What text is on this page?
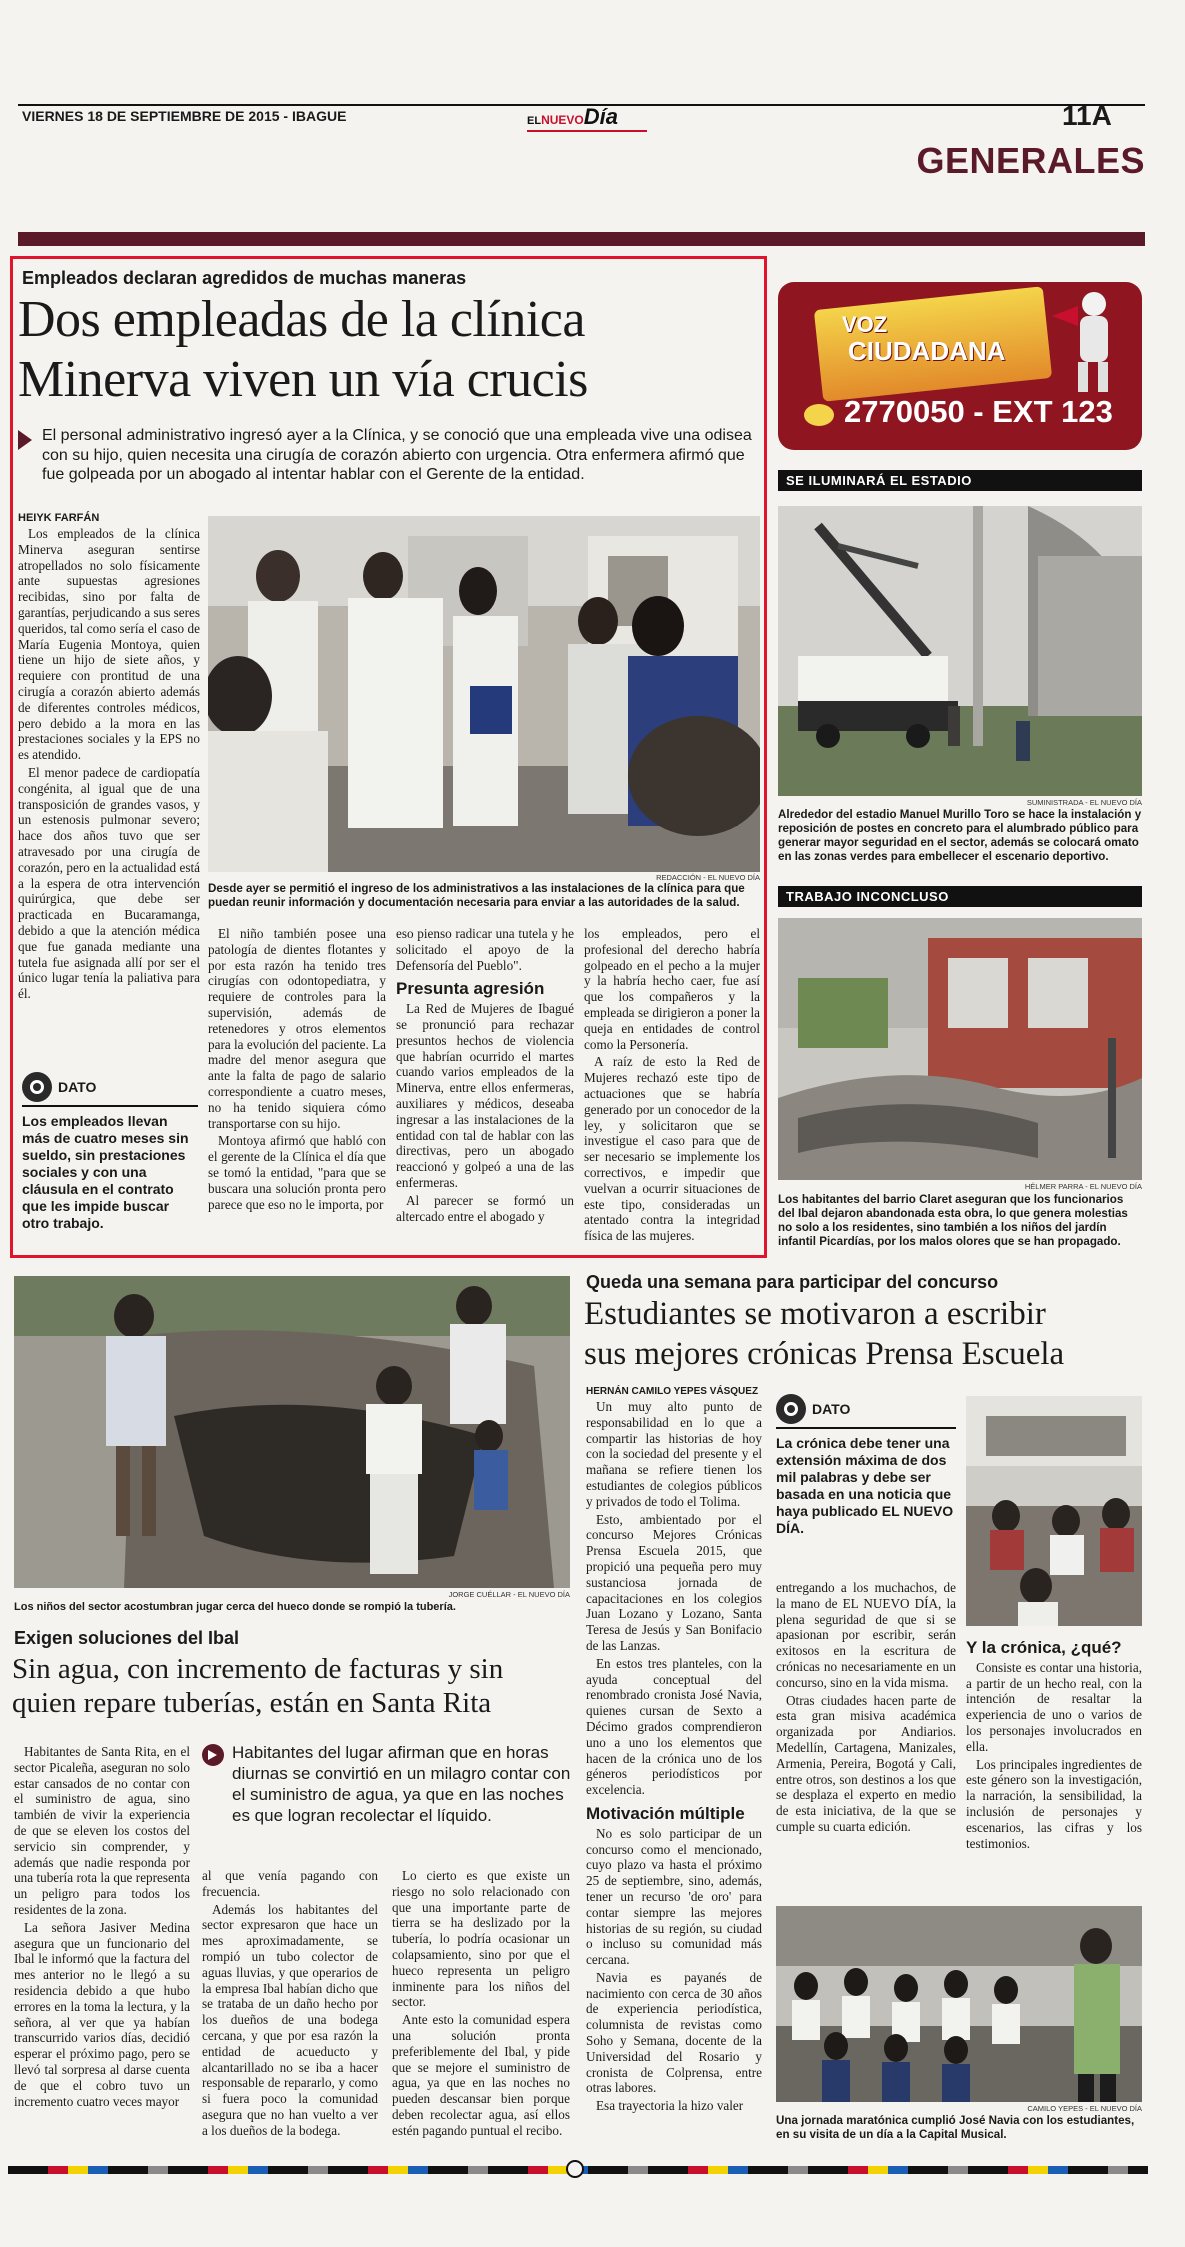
VIERNES 18 DE SEPTIEMBRE DE 2015 - IBAGUE	ELNUEVODía	11A
GENERALES
Empleados declaran agredidos de muchas maneras
Dos empleadas de la clínica
Minerva viven un vía crucis
El personal administrativo ingresó ayer a la Clínica, y se conoció que una empleada vive una odisea con su hijo, quien necesita una cirugía de corazón abierto con urgencia. Otra enfermera afirmó que fue golpeada por un abogado al intentar hablar con el Gerente de la entidad.
HEIYK FARFÁN

Los empleados de la clínica Minerva aseguran sentirse atropellados no solo físicamente ante supuestas agresiones recibidas, sino por falta de garantías, perjudicando a sus seres queridos, tal como sería el caso de María Eugenia Montoya, quien tiene un hijo de siete años, y requiere con prontitud de una cirugía a corazón abierto además de diferentes controles médicos, pero debido a la mora en las prestaciones sociales y la EPS no es atendido.

El menor padece de cardiopatía congénita, al igual que de una transposición de grandes vasos, y un estenosis pulmonar severo; hace dos años tuvo que ser atravesado por una cirugía de corazón, pero en la actualidad está a la espera de otra intervención quirúrgica, que debe ser practicada en Bucaramanga, debido a que la atención médica que fue ganada mediante una tutela fue asignada allí por ser el único lugar tenía la paliativa para él.

DATO
Los empleados llevan más de cuatro meses sin sueldo, sin prestaciones sociales y con una cláusula en el contrato que les impide buscar otro trabajo.
REDACCIÓN - EL NUEVO DÍA
Desde ayer se permitió el ingreso de los administrativos a las instalaciones de la clínica para que puedan reunir información y documentación necesaria para enviar a las autoridades de la salud.

El niño también posee una patología de dientes flotantes y por esta razón ha tenido tres cirugías con odontopediatra, y requiere de controles para la supervisión, además de retenedores y otros elementos para la evolución del paciente. La madre del menor asegura que ante la falta de pago de salario correspondiente a cuatro meses, no ha tenido siquiera cómo transportarse con su hijo.

Montoya afirmó que habló con el gerente de la Clínica el día que se tomó la entidad, "para que se buscara una solución pronta pero parece que eso no le importa, por

eso pienso radicar una tutela y he solicitado el apoyo de la Defensoría del Pueblo".

Presunta agresión

La Red de Mujeres de Ibagué se pronunció para rechazar presuntos hechos de violencia que habrían ocurrido el martes cuando varios empleados de la Minerva, entre ellos enfermeras, auxiliares y médicos, deseaba ingresar a las instalaciones de la entidad con tal de hablar con las directivas, pero un abogado reaccionó y golpeó a una de las enfermeras.

Al parecer se formó un altercado entre el abogado y

los empleados, pero el profesional del derecho habría golpeado en el pecho a la mujer y la habría hecho caer, fue así que los compañeros y la empleada se dirigieron a poner la queja en entidades de control como la Personería.

A raíz de esto la Red de Mujeres rechazó este tipo de actuaciones que se habría generado por un conocedor de la ley, y solicitaron que se investigue el caso para que de ser necesario se implemente los correctivos, e impedir que vuelvan a ocurrir situaciones de este tipo, consideradas un atentado contra la integridad física de las mujeres.

VOZ
CIUDADANA
2770050 - EXT 123
SE ILUMINARÁ EL ESTADIO
SUMINISTRADA - EL NUEVO DÍA
Alrededor del estadio Manuel Murillo Toro se hace la instalación y reposición de postes en concreto para el alumbrado público para generar mayor seguridad en el sector, además se colocará omato en las zonas verdes para embellecer el escenario deportivo.
TRABAJO INCONCLUSO
HÉLMER PARRA - EL NUEVO DÍA
Los habitantes del barrio Claret aseguran que los funcionarios del Ibal dejaron abandonada esta obra, lo que genera molestias no solo a los residentes, sino también a los niños del jardín infantil Picardías, por los malos olores que se han propagado.
JORGE CUÉLLAR - EL NUEVO DÍA
Los niños del sector acostumbran jugar cerca del hueco donde se rompió la tubería.
Exigen soluciones del Ibal
Sin agua, con incremento de facturas y sin
quien repare tuberías, están en Santa Rita

Habitantes de Santa Rita, en el sector Picaleña, aseguran no solo estar cansados de no contar con el suministro de agua, sino también de vivir la experiencia de que se eleven los costos del servicio sin comprender, y además que nadie responda por una tubería rota la que representa un peligro para todos los residentes de la zona.

La señora Jasiver Medina asegura que un funcionario del Ibal le informó que la factura del mes anterior no le llegó a su residencia debido a que hubo errores en la toma la lectura, y la señora, al ver que ya habían transcurrido varios días, decidió esperar el próximo pago, pero se llevó tal sorpresa al darse cuenta de que el cobro tuvo un incremento cuatro veces mayor

Habitantes del lugar afirman que en horas diurnas se convirtió en un milagro contar con el suministro de agua, ya que en las noches es que logran recolectar el líquido.

al que venía pagando con frecuencia.

Además los habitantes del sector expresaron que hace un mes aproximadamente, se rompió un tubo colector de aguas lluvias, y que operarios de la empresa Ibal habían dicho que se trataba de un daño hecho por los dueños de una bodega cercana, y que por esa razón la entidad de acueducto y alcantarillado no se iba a hacer responsable de repararlo, y como si fuera poco la comunidad asegura que no han vuelto a ver a los dueños de la bodega.

Lo cierto es que existe un riesgo no solo relacionado con que una importante parte de tierra se ha deslizado por la tubería, lo podría ocasionar un colapsamiento, sino por que el hueco representa un peligro inminente para los niños del sector.

Ante esto la comunidad espera una solución pronta preferiblemente del Ibal, y pide que se mejore el suministro de agua, ya que en las noches no pueden descansar bien porque deben recolectar agua, así ellos estén pagando puntual el recibo.

Queda una semana para participar del concurso
Estudiantes se motivaron a escribir
sus mejores crónicas Prensa Escuela
HERNÁN CAMILO YEPES VÁSQUEZ

Un muy alto punto de responsabilidad en lo que a compartir las historias de hoy con la sociedad del presente y el mañana se refiere tienen los estudiantes de colegios públicos y privados de todo el Tolima.

Esto, ambientado por el concurso Mejores Crónicas Prensa Escuela 2015, que propició una pequeña pero muy sustanciosa jornada de capacitaciones en los colegios Juan Lozano y Lozano, Santa Teresa de Jesús y San Bonifacio de las Lanzas.

En estos tres planteles, con la ayuda conceptual del renombrado cronista José Navia, quienes cursan de Sexto a Décimo grados comprendieron uno a uno los elementos que hacen de la crónica uno de los géneros periodísticos por excelencia.

Motivación múltiple

No es solo participar de un concurso como el mencionado, cuyo plazo va hasta el próximo 25 de septiembre, sino, además, tener un recurso 'de oro' para contar siempre las mejores historias de su región, su ciudad o incluso su comunidad más cercana.

Navia es payanés de nacimiento con cerca de 30 años de experiencia periodística, columnista de revistas como Soho y Semana, docente de la Universidad del Rosario y cronista de Colprensa, entre otras labores.

Esa trayectoria la hizo valer

DATO
La crónica debe tener una extensión máxima de dos mil palabras y debe ser basada en una noticia que haya publicado EL NUEVO DÍA.

entregando a los muchachos, de la mano de EL NUEVO DÍA, la plena seguridad de que si se apasionan por escribir, serán exitosos en la escritura de crónicas no necesariamente en un concurso, sino en la vida misma.

Otras ciudades hacen parte de esta gran misiva académica organizada por Andiarios. Medellín, Cartagena, Manizales, Armenia, Pereira, Bogotá y Cali, entre otros, son destinos a los que se desplaza el experto en medio de esta iniciativa, de la que se cumple su cuarta edición.

Y la crónica, ¿qué?

Consiste es contar una historia, a partir de un hecho real, con la intención de resaltar la experiencia de uno o varios de los personajes involucrados en ella.

Los principales ingredientes de este género son la investigación, la narración, la sensibilidad, la inclusión de personajes y escenarios, las cifras y los testimonios.

CAMILO YEPES - EL NUEVO DÍA
Una jornada maratónica cumplió José Navia con los estudiantes, en su visita de un día a la Capital Musical.
